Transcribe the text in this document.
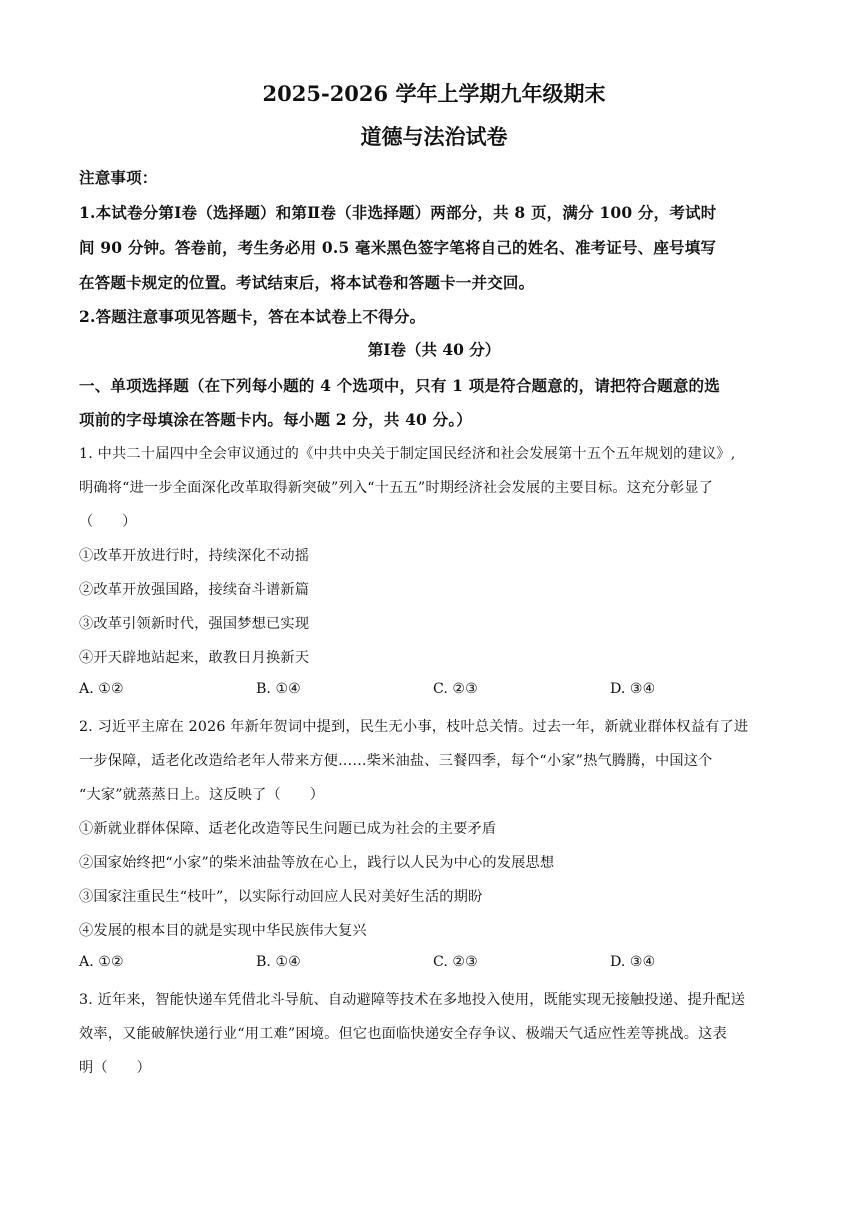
2025-2026 学年上学期九年级期末
道德与法治试卷
注意事项：
1.本试卷分第Ⅰ卷（选择题）和第Ⅱ卷（非选择题）两部分，共 8 页，满分 100 分，考试时
间 90 分钟。答卷前，考生务必用 0.5 毫米黑色签字笔将自己的姓名、准考证号、座号填写
在答题卡规定的位置。考试结束后，将本试卷和答题卡一并交回。
2.答题注意事项见答题卡，答在本试卷上不得分。
第Ⅰ卷（共 40 分）
一、单项选择题（在下列每小题的 4 个选项中，只有 1 项是符合题意的，请把符合题意的选
项前的字母填涂在答题卡内。每小题 2 分，共 40 分。）
1. 中共二十届四中全会审议通过的《中共中央关于制定国民经济和社会发展第十五个五年规划的建议》,
明确将“进一步全面深化改革取得新突破”列入“十五五”时期经济社会发展的主要目标。这充分彰显了
（　　）
①改革开放进行时，持续深化不动摇
②改革开放强国路，接续奋斗谱新篇
③改革引领新时代，强国梦想已实现
④开天辟地站起来，敢教日月换新天
A. ①②	B. ①④	C. ②③	D. ③④
2. 习近平主席在 2026 年新年贺词中提到，民生无小事，枝叶总关情。过去一年，新就业群体权益有了进
一步保障，适老化改造给老年人带来方便……柴米油盐、三餐四季，每个“小家”热气腾腾，中国这个
“大家”就蒸蒸日上。这反映了（　　）
①新就业群体保障、适老化改造等民生问题已成为社会的主要矛盾
②国家始终把“小家”的柴米油盐等放在心上，践行以人民为中心的发展思想
③国家注重民生“枝叶”，以实际行动回应人民对美好生活的期盼
④发展的根本目的就是实现中华民族伟大复兴
A. ①②	B. ①④	C. ②③	D. ③④
3. 近年来，智能快递车凭借北斗导航、自动避障等技术在多地投入使用，既能实现无接触投递、提升配送
效率，又能破解快递行业“用工难”困境。但它也面临快递安全存争议、极端天气适应性差等挑战。这表
明（　　）
